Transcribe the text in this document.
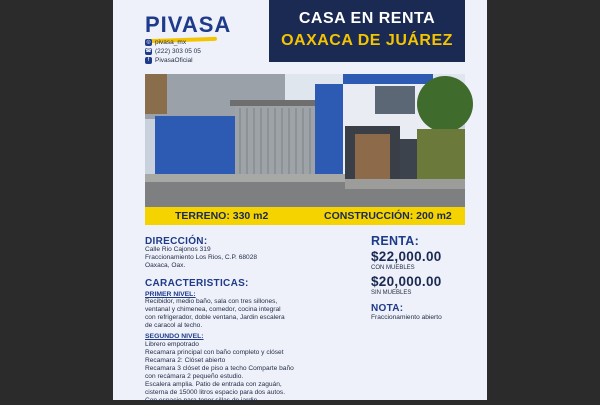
PIVASA
◎ pivasa_mx
☎ (222) 303 05 05
f PivasaOficial
CASA EN RENTA
OAXACA DE JUÁREZ
TERRENO: 330 m2	CONSTRUCCIÓN: 200 m2
DIRECCIÓN:
Calle Rio Cajonos 319
Fraccionamiento Los Rios, C.P. 68028
Oaxaca, Oax.
CARACTERISTICAS:
PRIMER NIVEL:
Recibidor, medio baño, sala con tres sillones,
ventanal y chimenea, comedor, cocina integral
con refrigerador, doble ventana, Jardin escalera
de caracol al techo.
SEGUNDO NIVEL:
Librero empotrado
Recamara principal con baño completo y clóset
Recamara 2: Clóset abierto
Recamara 3 clóset de piso a techo Comparte baño
con recámara 2 pequeño estudio.
Escalera amplia. Patio de entrada con zaguán,
cisterna de 15000 litros espacio para dos autos.
Con espacio para tener sillas de jardin..
RENTA:
$22,000.00
CON MUEBLES
$20,000.00
SIN MUEBLES
NOTA:
Fraccionamiento abierto
